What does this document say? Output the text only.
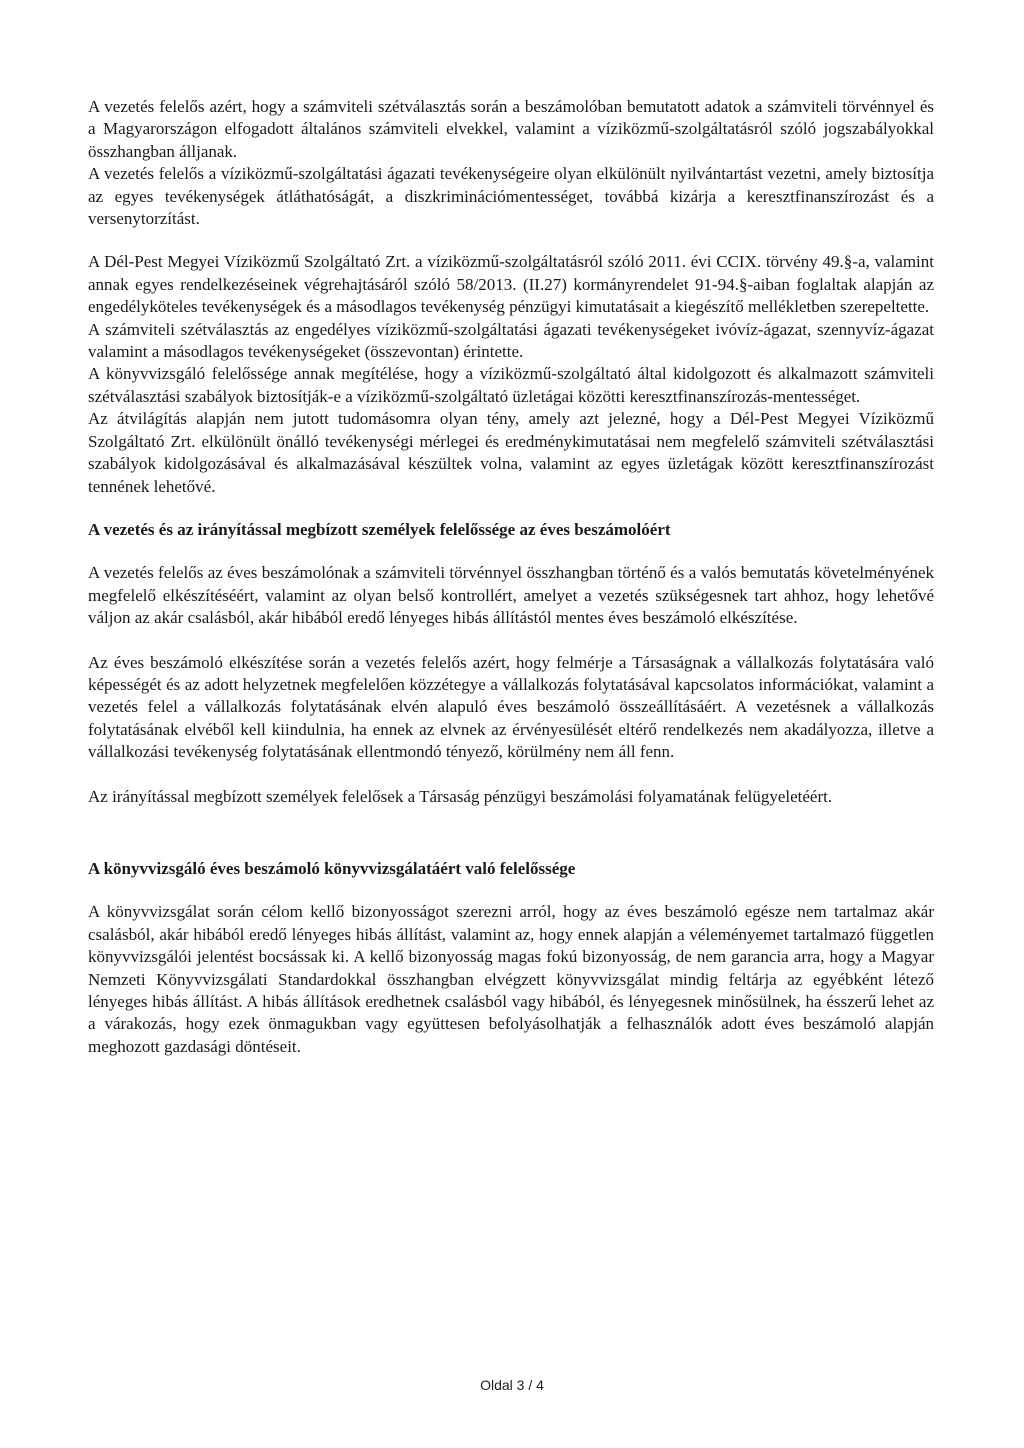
A vezetés felelős azért, hogy a számviteli szétválasztás során a beszámolóban bemutatott adatok a számviteli törvénnyel és a Magyarországon elfogadott általános számviteli elvekkel, valamint a víziközmű-szolgáltatásról szóló jogszabályokkal összhangban álljanak.

A vezetés felelős a víziközmű-szolgáltatási ágazati tevékenységeire olyan elkülönült nyilvántartást vezetni, amely biztosítja az egyes tevékenységek átláthatóságát, a diszkriminációmentességet, továbbá kizárja a keresztfinanszírozást és a versenytorzítást.

A Dél-Pest Megyei Víziközmű Szolgáltató Zrt. a víziközmű-szolgáltatásról szóló 2011. évi CCIX. törvény 49.§-a, valamint annak egyes rendelkezéseinek végrehajtásáról szóló 58/2013. (II.27) kormányrendelet 91-94.§-aiban foglaltak alapján az engedélyköteles tevékenységek és a másodlagos tevékenység pénzügyi kimutatásait a kiegészítő mellékletben szerepeltette.

A számviteli szétválasztás az engedélyes víziközmű-szolgáltatási ágazati tevékenységeket ivóvíz-ágazat, szennyvíz-ágazat valamint a másodlagos tevékenységeket (összevontan) érintette.

A könyvvizsgáló felelőssége annak megítélése, hogy a víziközmű-szolgáltató által kidolgozott és alkalmazott számviteli szétválasztási szabályok biztosítják-e a víziközmű-szolgáltató üzletágai közötti keresztfinanszírozás-mentességet.

Az átvilágítás alapján nem jutott tudomásomra olyan tény, amely azt jelezné, hogy a Dél-Pest Megyei Víziközmű Szolgáltató Zrt. elkülönült önálló tevékenységi mérlegei és eredménykimutatásai nem megfelelő számviteli szétválasztási szabályok kidolgozásával és alkalmazásával készültek volna, valamint az egyes üzletágak között keresztfinanszírozást tennének lehetővé.

A vezetés és az irányítással megbízott személyek felelőssége az éves beszámolóért

A vezetés felelős az éves beszámolónak a számviteli törvénnyel összhangban történő és a valós bemutatás követelményének megfelelő elkészítéséért, valamint az olyan belső kontrollért, amelyet a vezetés szükségesnek tart ahhoz, hogy lehetővé váljon az akár csalásból, akár hibából eredő lényeges hibás állítástól mentes éves beszámoló elkészítése.

Az éves beszámoló elkészítése során a vezetés felelős azért, hogy felmérje a Társaságnak a vállalkozás folytatására való képességét és az adott helyzetnek megfelelően közzétegye a vállalkozás folytatásával kapcsolatos információkat, valamint a vezetés felel a vállalkozás folytatásának elvén alapuló éves beszámoló összeállításáért. A vezetésnek a vállalkozás folytatásának elvéből kell kiindulnia, ha ennek az elvnek az érvényesülését eltérő rendelkezés nem akadályozza, illetve a vállalkozási tevékenység folytatásának ellentmondó tényező, körülmény nem áll fenn.

Az irányítással megbízott személyek felelősek a Társaság pénzügyi beszámolási folyamatának felügyeletéért.

A könyvvizsgáló éves beszámoló könyvvizsgálatáért való felelőssége

A könyvvizsgálat során célom kellő bizonyosságot szerezni arról, hogy az éves beszámoló egésze nem tartalmaz akár csalásból, akár hibából eredő lényeges hibás állítást, valamint az, hogy ennek alapján a véleményemet tartalmazó független könyvvizsgálói jelentést bocsássak ki. A kellő bizonyosság magas fokú bizonyosság, de nem garancia arra, hogy a Magyar Nemzeti Könyvvizsgálati Standardokkal összhangban elvégzett könyvvizsgálat mindig feltárja az egyébként létező lényeges hibás állítást. A hibás állítások eredhetnek csalásból vagy hibából, és lényegesnek minősülnek, ha ésszerű lehet az a várakozás, hogy ezek önmagukban vagy együttesen befolyásolhatják a felhasználók adott éves beszámoló alapján meghozott gazdasági döntéseit.

Oldal 3 / 4
